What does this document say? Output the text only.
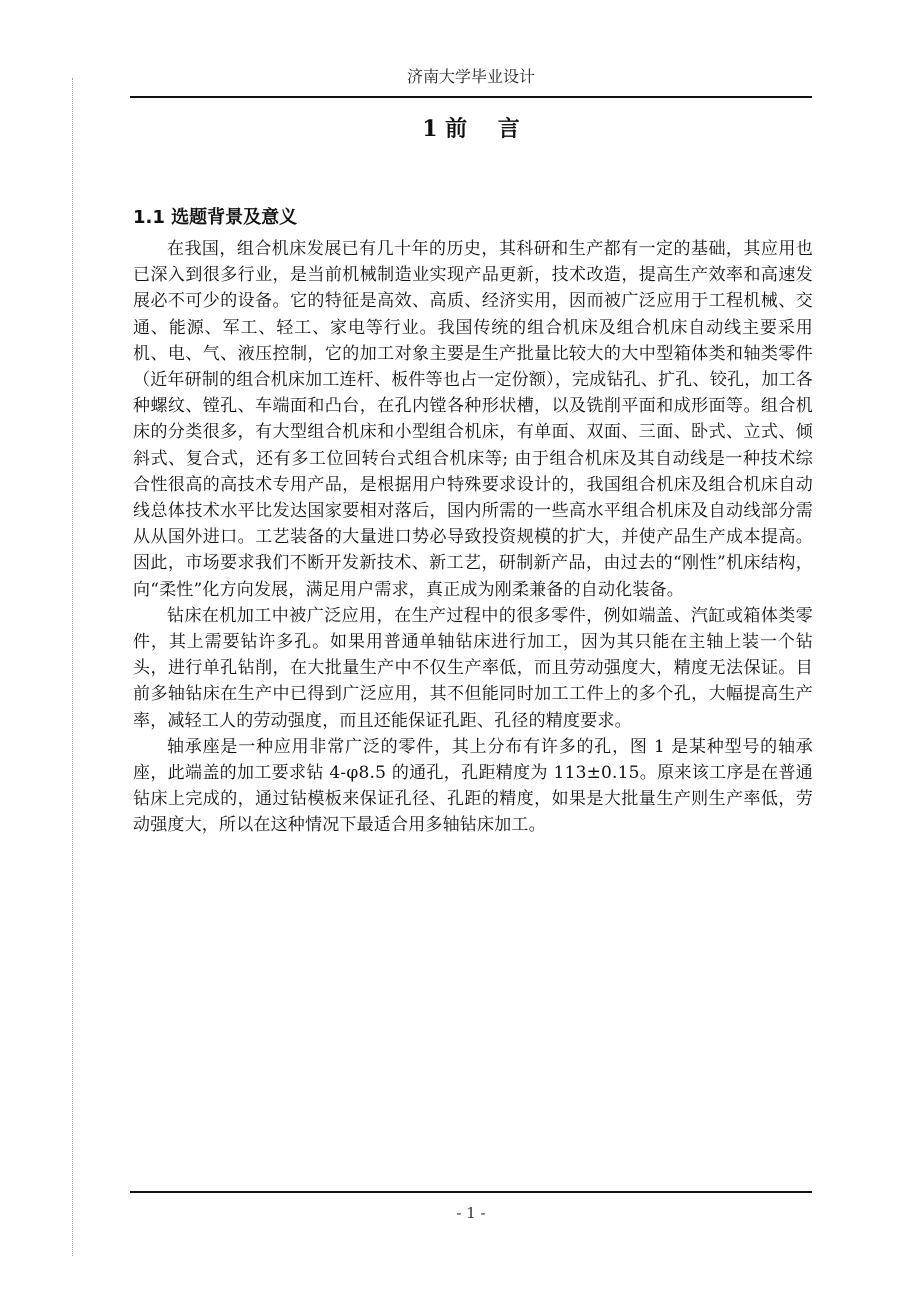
济南大学毕业设计
1 前    言
1.1 选题背景及意义

在我国，组合机床发展已有几十年的历史，其科研和生产都有一定的基础，其应用也已深入到很多行业，是当前机械制造业实现产品更新，技术改造，提高生产效率和高速发展必不可少的设备。它的特征是高效、高质、经济实用，因而被广泛应用于工程机械、交通、能源、军工、轻工、家电等行业。我国传统的组合机床及组合机床自动线主要采用机、电、气、液压控制，它的加工对象主要是生产批量比较大的大中型箱体类和轴类零件（近年研制的组合机床加工连杆、板件等也占一定份额），完成钻孔、扩孔、铰孔，加工各种螺纹、镗孔、车端面和凸台，在孔内镗各种形状槽，以及铣削平面和成形面等。组合机床的分类很多，有大型组合机床和小型组合机床，有单面、双面、三面、卧式、立式、倾斜式、复合式，还有多工位回转台式组合机床等; 由于组合机床及其自动线是一种技术综合性很高的高技术专用产品，是根据用户特殊要求设计的，我国组合机床及组合机床自动线总体技术水平比发达国家要相对落后，国内所需的一些高水平组合机床及自动线部分需从从国外进口。工艺装备的大量进口势必导致投资规模的扩大，并使产品生产成本提高。因此，市场要求我们不断开发新技术、新工艺，研制新产品，由过去的“刚性”机床结构，向“柔性”化方向发展，满足用户需求，真正成为刚柔兼备的自动化装备。

钻床在机加工中被广泛应用，在生产过程中的很多零件，例如端盖、汽缸或箱体类零件，其上需要钻许多孔。如果用普通单轴钻床进行加工，因为其只能在主轴上装一个钻头，进行单孔钻削，在大批量生产中不仅生产率低，而且劳动强度大，精度无法保证。目前多轴钻床在生产中已得到广泛应用，其不但能同时加工工件上的多个孔，大幅提高生产率，减轻工人的劳动强度，而且还能保证孔距、孔径的精度要求。

轴承座是一种应用非常广泛的零件，其上分布有许多的孔，图 1 是某种型号的轴承座，此端盖的加工要求钻 4-φ8.5 的通孔，孔距精度为 113±0.15。原来该工序是在普通钻床上完成的，通过钻模板来保证孔径、孔距的精度，如果是大批量生产则生产率低，劳动强度大，所以在这种情况下最适合用多轴钻床加工。

- 1 -
